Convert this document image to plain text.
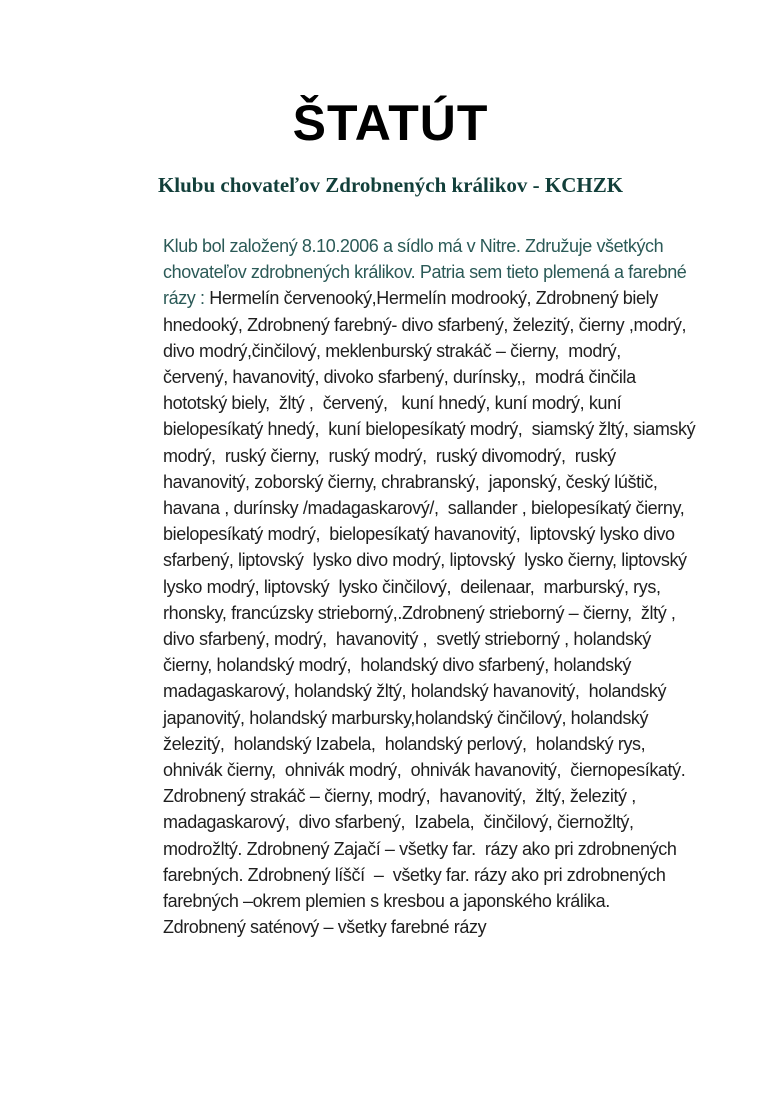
ŠTATÚT
Klubu chovateľov Zdrobnených králikov - KCHZK
Klub bol založený 8.10.2006 a sídlo má v Nitre. Združuje všetkých
chovateľov zdrobnených králikov. Patria sem tieto plemená a farebné
rázy : Hermelín červenooký,Hermelín modrooký, Zdrobnený biely
hnedooký, Zdrobnený farebný- divo sfarbený, železitý, čierny ,modrý,
divo modrý,činčilový, meklenburský strakáč – čierny,  modrý,
červený, havanovitý, divoko sfarbený, durínsky,,  modrá činčila
hototský biely,  žltý ,  červený,   kuní hnedý, kuní modrý, kuní
bielopesíkatý hnedý,  kuní bielopesíkatý modrý,  siamský žltý, siamský
modrý,  ruský čierny,  ruský modrý,  ruský divomodrý,  ruský
havanovitý, zoborský čierny, chrabranský,  japonský, český lúštič,
havana , durínsky /madagaskarový/,  sallander , bielopesíkatý čierny,
bielopesíkatý modrý,  bielopesíkatý havanovitý,  liptovský lysko divo
sfarbený, liptovský  lysko divo modrý, liptovský  lysko čierny, liptovský
lysko modrý, liptovský  lysko činčilový,  deilenaar,  marburský, rys,
rhonsky, francúzsky strieborný,.Zdrobnený strieborný – čierny,  žltý ,
divo sfarbený, modrý,  havanovitý ,  svetlý strieborný , holandský
čierny, holandský modrý,  holandský divo sfarbený, holandský
madagaskarový, holandský žltý, holandský havanovitý,  holandský
japanovitý, holandský marbursky,holandský činčilový, holandský
železitý,  holandský Izabela,  holandský perlový,  holandský rys,
ohnivák čierny,  ohnivák modrý,  ohnivák havanovitý,  čiernopesíkatý.
Zdrobnený strakáč – čierny, modrý,  havanovitý,  žltý, železitý ,
madagaskarový,  divo sfarbený,  Izabela,  činčilový, čiernožltý,
modrožltý. Zdrobnený Zajačí – všetky far.  rázy ako pri zdrobnených
farebných. Zdrobnený líščí  –  všetky far. rázy ako pri zdrobnených
farebných –okrem plemien s kresbou a japonského králika.
Zdrobnený saténový – všetky farebné rázy
